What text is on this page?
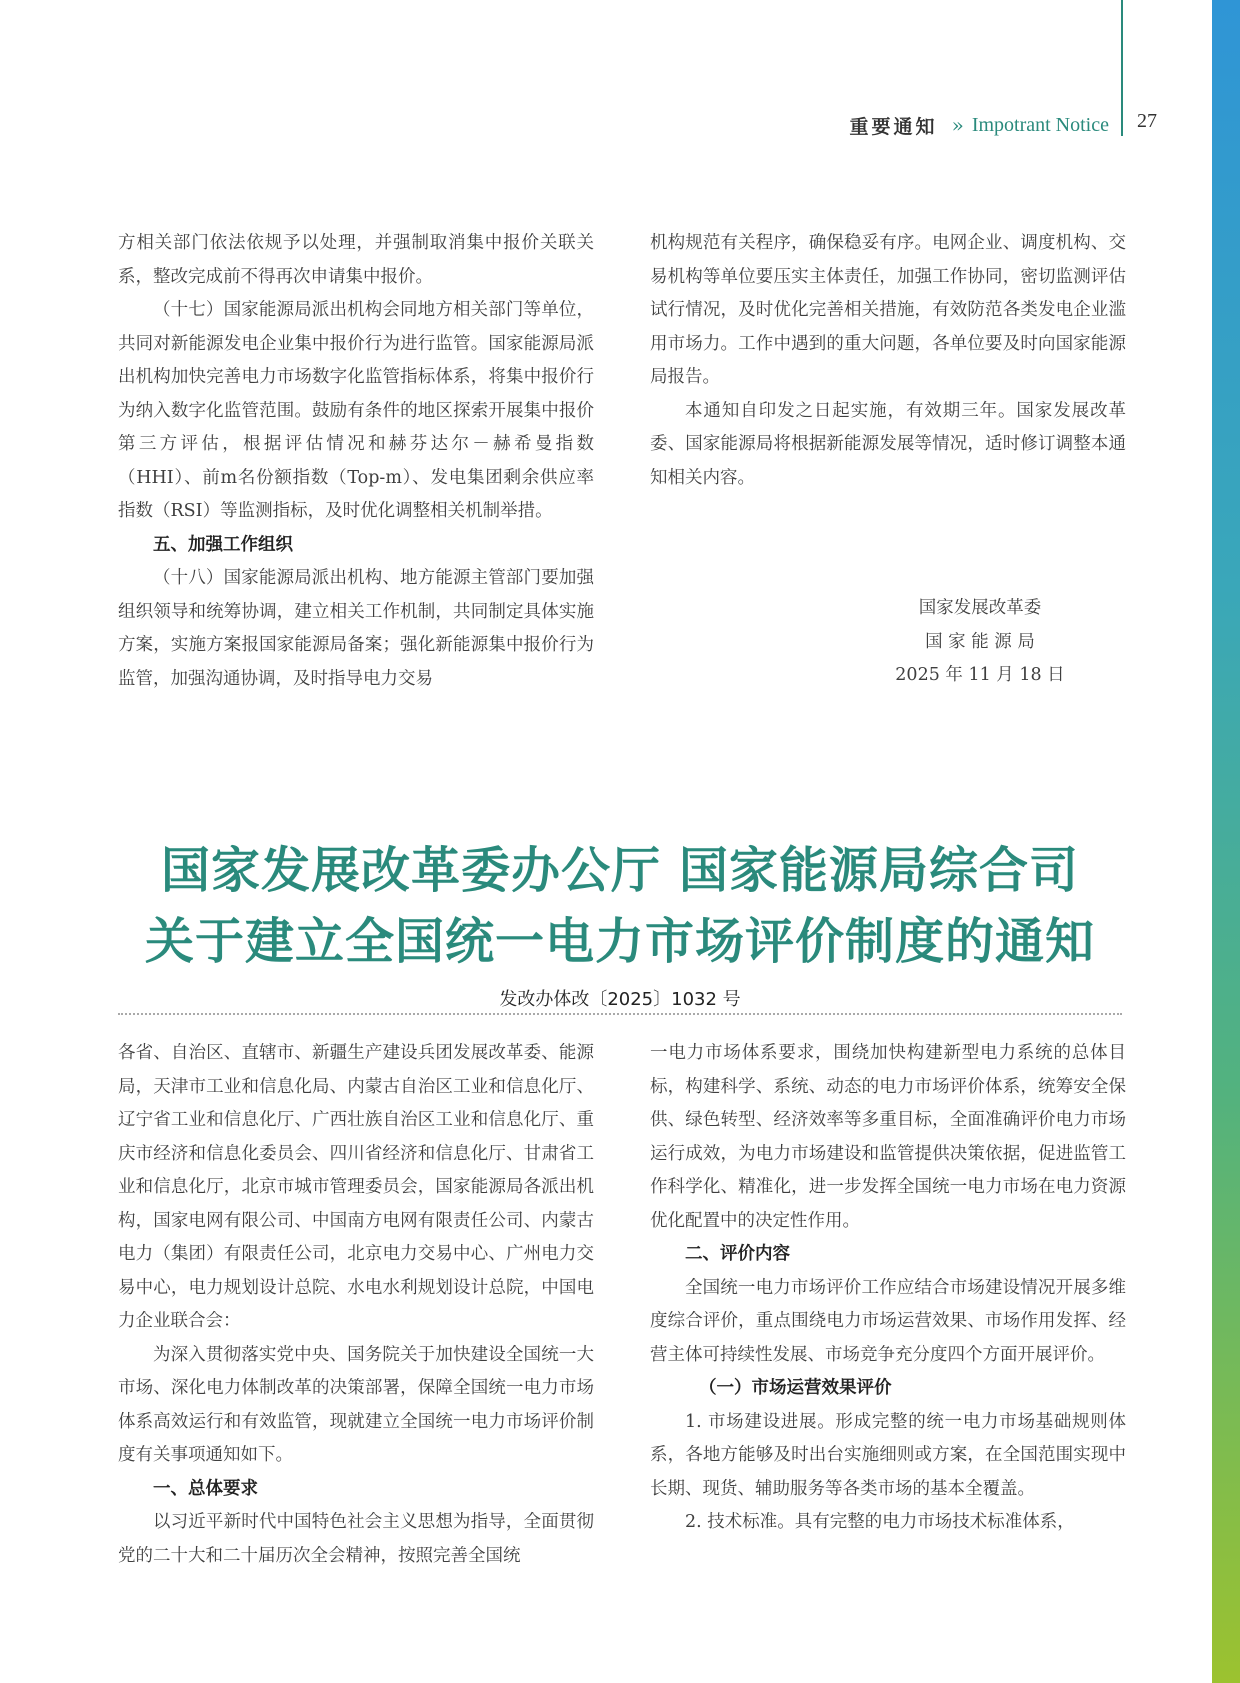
重要通知 » Impotrant Notice 27

方相关部门依法依规予以处理，并强制取消集中报价关联关系，整改完成前不得再次申请集中报价。

（十七）国家能源局派出机构会同地方相关部门等单位，共同对新能源发电企业集中报价行为进行监管。国家能源局派出机构加快完善电力市场数字化监管指标体系，将集中报价行为纳入数字化监管范围。鼓励有条件的地区探索开展集中报价第三方评估，根据评估情况和赫芬达尔－赫希曼指数（HHI）、前m名份额指数（Top-m）、发电集团剩余供应率指数（RSI）等监测指标，及时优化调整相关机制举措。

五、加强工作组织

（十八）国家能源局派出机构、地方能源主管部门要加强组织领导和统筹协调，建立相关工作机制，共同制定具体实施方案，实施方案报国家能源局备案；强化新能源集中报价行为监管，加强沟通协调，及时指导电力交易

机构规范有关程序，确保稳妥有序。电网企业、调度机构、交易机构等单位要压实主体责任，加强工作协同，密切监测评估试行情况，及时优化完善相关措施，有效防范各类发电企业滥用市场力。工作中遇到的重大问题，各单位要及时向国家能源局报告。

本通知自印发之日起实施，有效期三年。国家发展改革委、国家能源局将根据新能源发展等情况，适时修订调整本通知相关内容。

国家发展改革委
国 家 能 源 局
2025 年 11 月 18 日
国家发展改革委办公厅 国家能源局综合司
关于建立全国统一电力市场评价制度的通知
发改办体改〔2025〕1032 号

各省、自治区、直辖市、新疆生产建设兵团发展改革委、能源局，天津市工业和信息化局、内蒙古自治区工业和信息化厅、辽宁省工业和信息化厅、广西壮族自治区工业和信息化厅、重庆市经济和信息化委员会、四川省经济和信息化厅、甘肃省工业和信息化厅，北京市城市管理委员会，国家能源局各派出机构，国家电网有限公司、中国南方电网有限责任公司、内蒙古电力（集团）有限责任公司，北京电力交易中心、广州电力交易中心，电力规划设计总院、水电水利规划设计总院，中国电力企业联合会：

为深入贯彻落实党中央、国务院关于加快建设全国统一大市场、深化电力体制改革的决策部署，保障全国统一电力市场体系高效运行和有效监管，现就建立全国统一电力市场评价制度有关事项通知如下。

一、总体要求

以习近平新时代中国特色社会主义思想为指导，全面贯彻党的二十大和二十届历次全会精神，按照完善全国统

一电力市场体系要求，围绕加快构建新型电力系统的总体目标，构建科学、系统、动态的电力市场评价体系，统筹安全保供、绿色转型、经济效率等多重目标，全面准确评价电力市场运行成效，为电力市场建设和监管提供决策依据，促进监管工作科学化、精准化，进一步发挥全国统一电力市场在电力资源优化配置中的决定性作用。

二、评价内容

全国统一电力市场评价工作应结合市场建设情况开展多维度综合评价，重点围绕电力市场运营效果、市场作用发挥、经营主体可持续性发展、市场竞争充分度四个方面开展评价。

（一）市场运营效果评价

1. 市场建设进展。形成完整的统一电力市场基础规则体系，各地方能够及时出台实施细则或方案，在全国范围实现中长期、现货、辅助服务等各类市场的基本全覆盖。

2. 技术标准。具有完整的电力市场技术标准体系，
